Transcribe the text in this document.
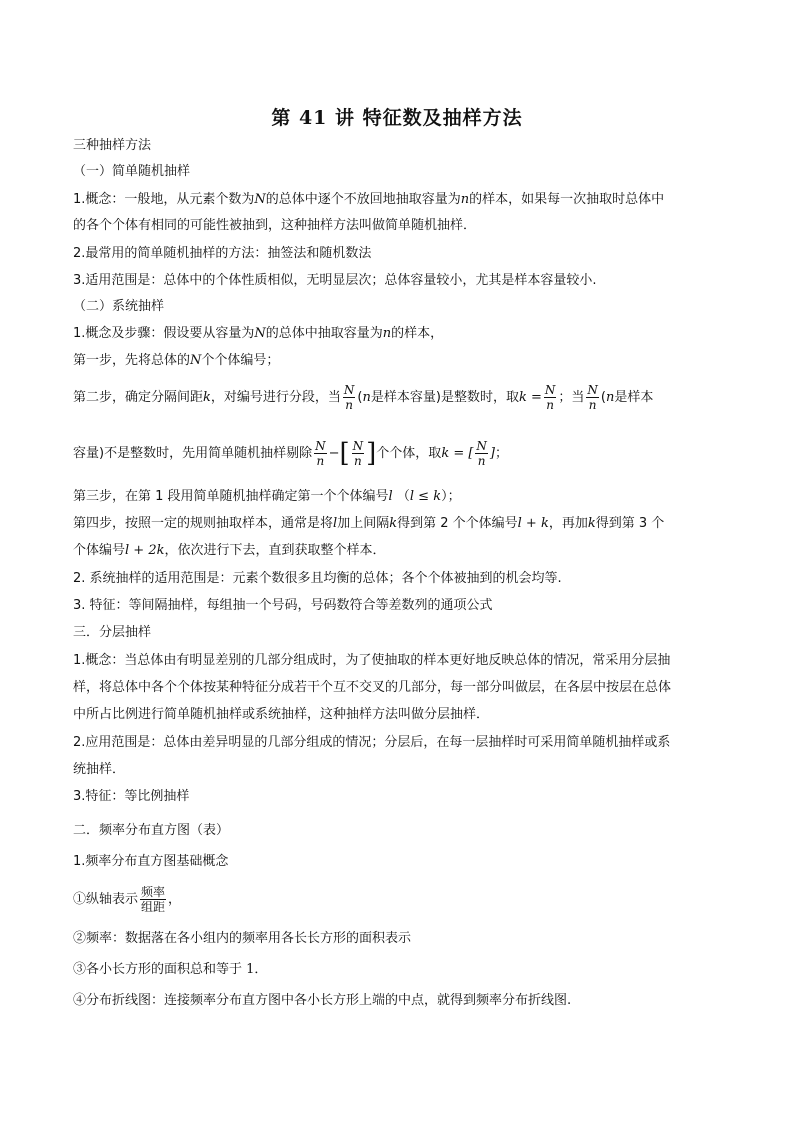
第 41 讲 特征数及抽样方法
三种抽样方法
（一）简单随机抽样
1.概念：一般地，从元素个数为N的总体中逐个不放回地抽取容量为n的样本，如果每一次抽取时总体中
的各个个体有相同的可能性被抽到，这种抽样方法叫做简单随机抽样．
2.最常用的简单随机抽样的方法：抽签法和随机数法
3.适用范围是：总体中的个体性质相似，无明显层次；总体容量较小，尤其是样本容量较小.
（二）系统抽样
1.概念及步骤：假设要从容量为N的总体中抽取容量为n的样本，
第一步，先将总体的N个个体编号；
第二步，确定分隔间距k，对编号进行分段，当 $\frac{N}{n} (n$是样本容量)是整数时，取$k = \frac{N}{n}$ ；当 $\frac{N}{n} (n$是样本
容量)不是整数时，先用简单随机抽样剔除 $\frac{N}{n}$ −[ $\frac{N}{n}$ ]个个体，取k = [ $\frac{N}{n}$ ]；
第三步，在第 1 段用简单随机抽样确定第一个个体编号l （l ≤ k）；
第四步，按照一定的规则抽取样本，通常是将l加上间隔k得到第 2 个个体编号l + k，再加k得到第 3 个
个体编号l + 2k，依次进行下去，直到获取整个样本．
2. 系统抽样的适用范围是：元素个数很多且均衡的总体；各个个体被抽到的机会均等.
3. 特征：等间隔抽样，每组抽一个号码，号码数符合等差数列的通项公式
三．分层抽样
1.概念：当总体由有明显差别的几部分组成时，为了使抽取的样本更好地反映总体的情况，常采用分层抽
样，将总体中各个个体按某种特征分成若干个互不交叉的几部分，每一部分叫做层，在各层中按层在总体
中所占比例进行简单随机抽样或系统抽样，这种抽样方法叫做分层抽样．
2.应用范围是：总体由差异明显的几部分组成的情况；分层后，在每一层抽样时可采用简单随机抽样或系
统抽样．
3.特征：等比例抽样
二．频率分布直方图（表）
1.频率分布直方图基础概念
①纵轴表示 $\frac{\text{频率}}{\text{组距}}$ ，
②频率：数据落在各小组内的频率用各长长方形的面积表示
③各小长方形的面积总和等于 1．
④分布折线图：连接频率分布直方图中各小长方形上端的中点，就得到频率分布折线图.
